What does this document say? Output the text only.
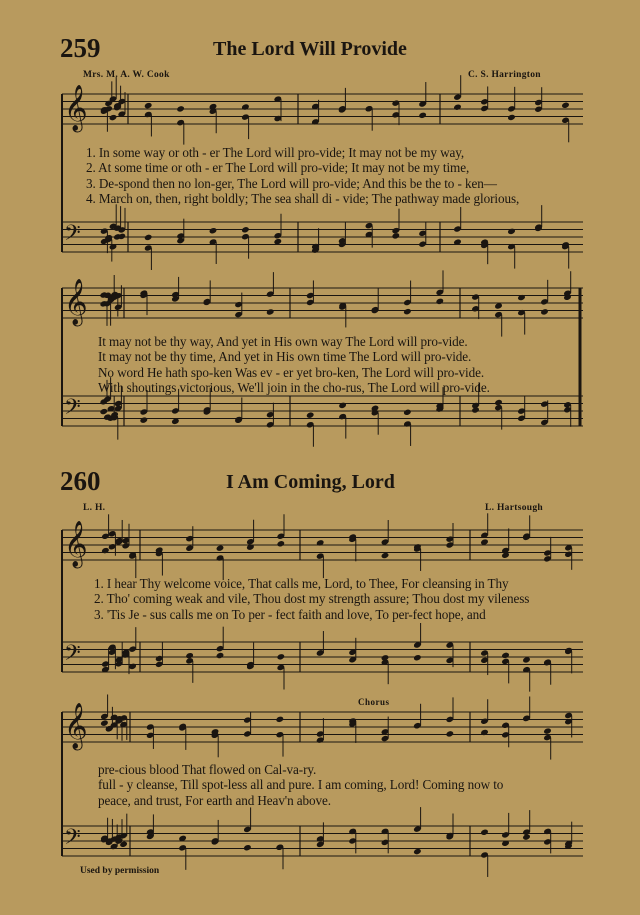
259	The Lord Will Provide
Mrs. M. A. W. Cook	C. S. Harrington
1. In some way or oth - er The Lord will pro-vide; It may not be my way,
2. At some time or oth - er The Lord will pro-vide; It may not be my time,
3. De-spond then no lon-ger, The Lord will pro-vide; And this be the to - ken—
4. March on, then, right boldly; The sea shall di - vide; The pathway made glorious,
It may not be thy way, And yet in His own way The Lord will pro-vide.
It may not be thy time, And yet in His own time The Lord will pro-vide.
No word He hath spo-ken Was ev - er yet bro-ken, The Lord will pro-vide.
With shoutings victorious, We'll join in the cho-rus, The Lord will pro-vide.
260	I Am Coming, Lord
L. H.	L. Hartsough
1. I hear Thy welcome voice, That calls me, Lord, to Thee, For cleansing in Thy
2. Tho' coming weak and vile, Thou dost my strength assure; Thou dost my vileness
3. 'Tis Je - sus calls me on To per - fect faith and love, To per-fect hope, and
Chorus
pre-cious blood That flowed on Cal-va-ry.
full - y cleanse, Till spot-less all and pure. I am coming, Lord! Coming now to
peace, and trust, For earth and Heav'n above.
Used by permission
𝄞
𝄢
𝄞
𝄢
𝄞
𝄢
𝄞
𝄢
